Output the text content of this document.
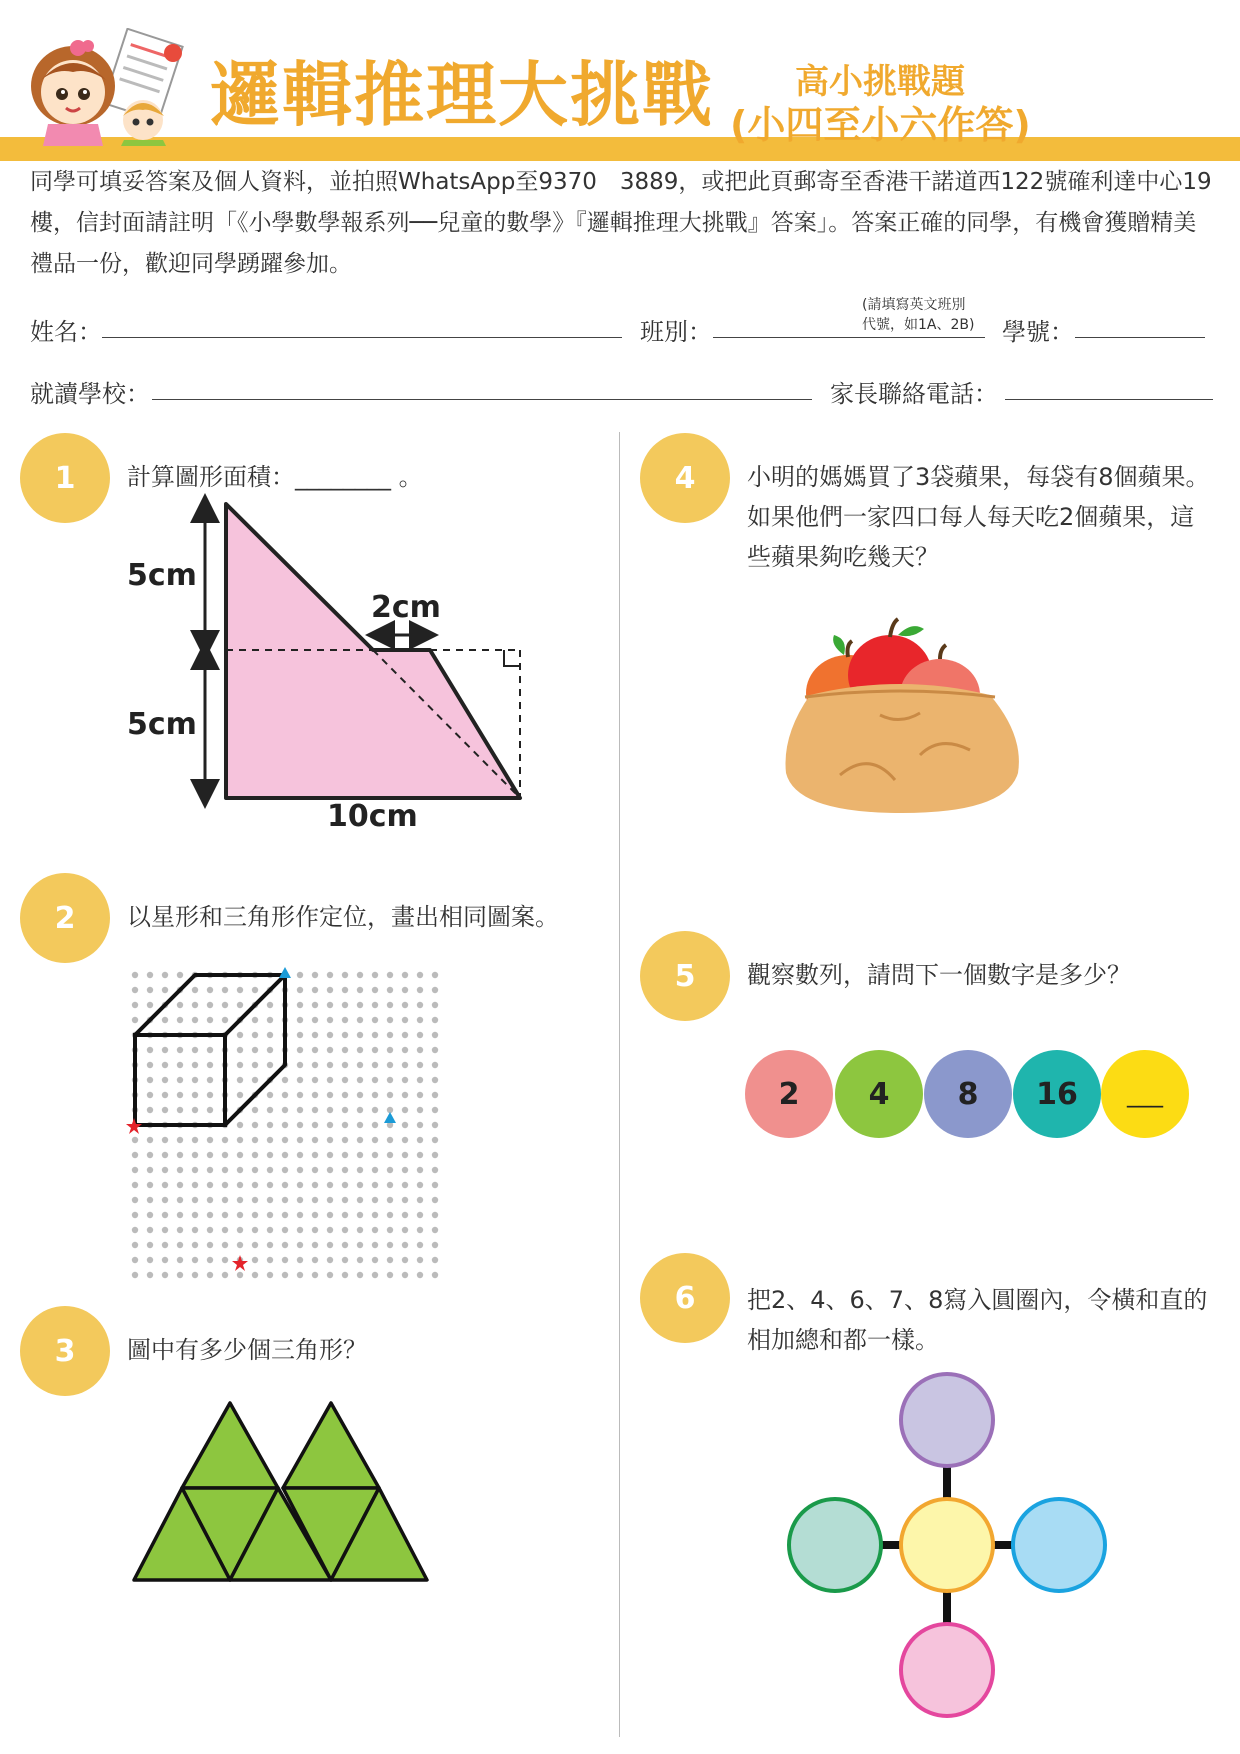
邏輯推理大挑戰 高小挑戰題
(小四至小六作答)
同學可填妥答案及個人資料，並拍照WhatsApp至9370　3889，或把此頁郵寄至香港干諾道西122號確利達中心19樓，信封面請註明「《小學數學報系列──兒童的數學》『邏輯推理大挑戰』答案」。答案正確的同學，有機會獲贈精美禮品一份，歡迎同學踴躍參加。
姓名：	班別：
(請填寫英文班別
代號，如1A、2B) 學號：
就讀學校：	家長聯絡電話：
1	計算圖形面積：________ 。
5cm
5cm
2cm
10cm
2	以星形和三角形作定位，畫出相同圖案。
3	圖中有多少個三角形？
4	小明的媽媽買了3袋蘋果，每袋有8個蘋果。如果他們一家四口每人每天吃2個蘋果，這些蘋果夠吃幾天？
5	觀察數列，請問下一個數字是多少？
2	4	8	16	___
6	把2、4、6、7、8寫入圓圈內，令橫和直的相加總和都一樣。
